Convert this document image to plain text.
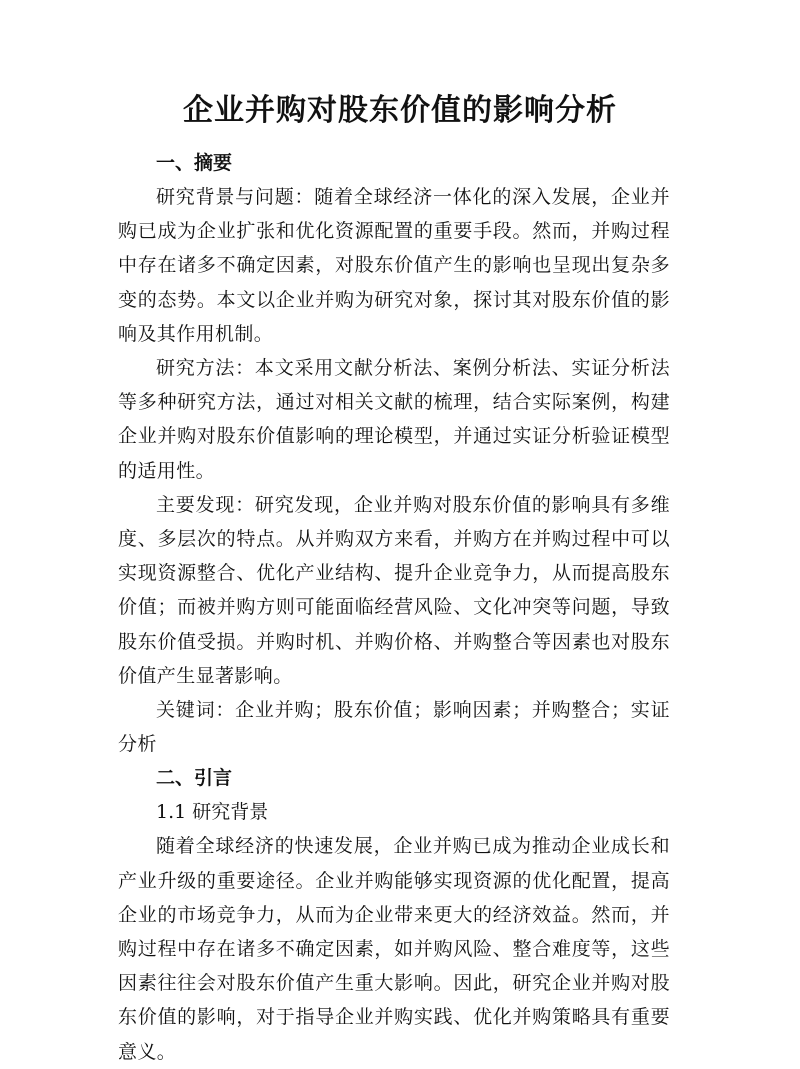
企业并购对股东价值的影响分析
一、摘要

研究背景与问题：随着全球经济一体化的深入发展，企业并购已成为企业扩张和优化资源配置的重要手段。然而，并购过程中存在诸多不确定因素，对股东价值产生的影响也呈现出复杂多变的态势。本文以企业并购为研究对象，探讨其对股东价值的影响及其作用机制。

研究方法：本文采用文献分析法、案例分析法、实证分析法等多种研究方法，通过对相关文献的梳理，结合实际案例，构建企业并购对股东价值影响的理论模型，并通过实证分析验证模型的适用性。

主要发现：研究发现，企业并购对股东价值的影响具有多维度、多层次的特点。从并购双方来看，并购方在并购过程中可以实现资源整合、优化产业结构、提升企业竞争力，从而提高股东价值；而被并购方则可能面临经营风险、文化冲突等问题，导致股东价值受损。并购时机、并购价格、并购整合等因素也对股东价值产生显著影响。

关键词：企业并购；股东价值；影响因素；并购整合；实证分析

二、引言
1.1 研究背景

随着全球经济的快速发展，企业并购已成为推动企业成长和产业升级的重要途径。企业并购能够实现资源的优化配置，提高企业的市场竞争力，从而为企业带来更大的经济效益。然而，并购过程中存在诸多不确定因素，如并购风险、整合难度等，这些因素往往会对股东价值产生重大影响。因此，研究企业并购对股东价值的影响，对于指导企业并购实践、优化并购策略具有重要意义。
